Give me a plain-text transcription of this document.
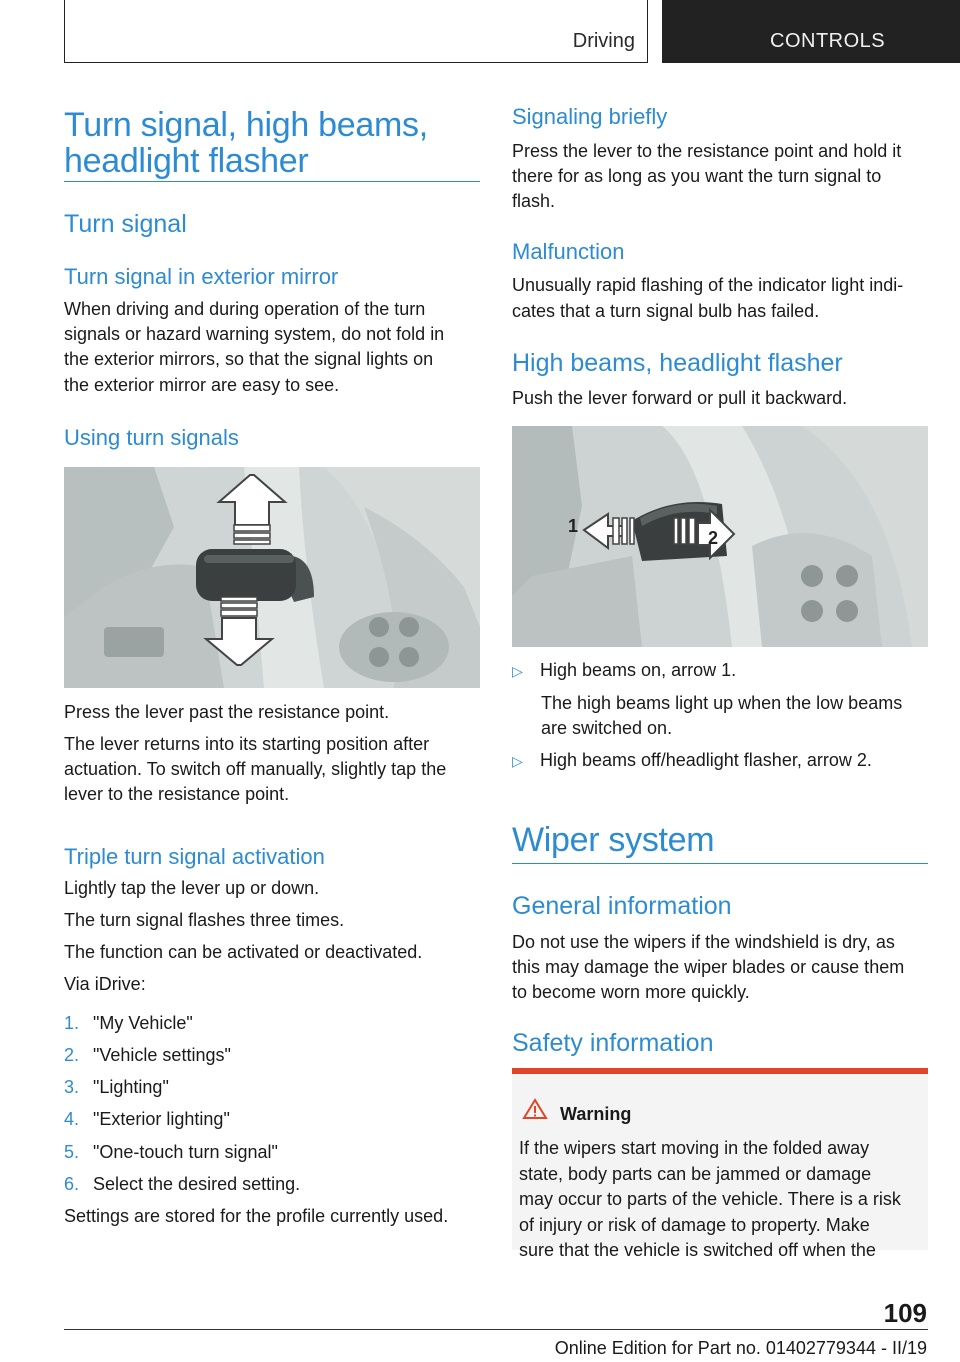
Driving	CONTROLS
Turn signal, high beams,
headlight flasher
Turn signal
Turn signal in exterior mirror
When driving and during operation of the turn
signals or hazard warning system, do not fold in
the exterior mirrors, so that the signal lights on
the exterior mirror are easy to see.
Using turn signals
Press the lever past the resistance point.
The lever returns into its starting position after
actuation. To switch off manually, slightly tap the
lever to the resistance point.
Triple turn signal activation
Lightly tap the lever up or down.
The turn signal flashes three times.
The function can be activated or deactivated.
Via iDrive:
1. "My Vehicle"
2. "Vehicle settings"
3. "Lighting"
4. "Exterior lighting"
5. "One-touch turn signal"
6. Select the desired setting.
Settings are stored for the profile currently used.
Signaling briefly
Press the lever to the resistance point and hold it
there for as long as you want the turn signal to
flash.
Malfunction
Unusually rapid flashing of the indicator light indi-
cates that a turn signal bulb has failed.
High beams, headlight flasher
Push the lever forward or pull it backward.
1
2
▷ High beams on, arrow 1.
The high beams light up when the low beams
are switched on.
▷ High beams off/headlight flasher, arrow 2.
Wiper system
General information
Do not use the wipers if the windshield is dry, as
this may damage the wiper blades or cause them
to become worn more quickly.
Safety information
Warning
If the wipers start moving in the folded away
state, body parts can be jammed or damage
may occur to parts of the vehicle. There is a risk
of injury or risk of damage to property. Make
sure that the vehicle is switched off when the
109
Online Edition for Part no. 01402779344 - II/19
